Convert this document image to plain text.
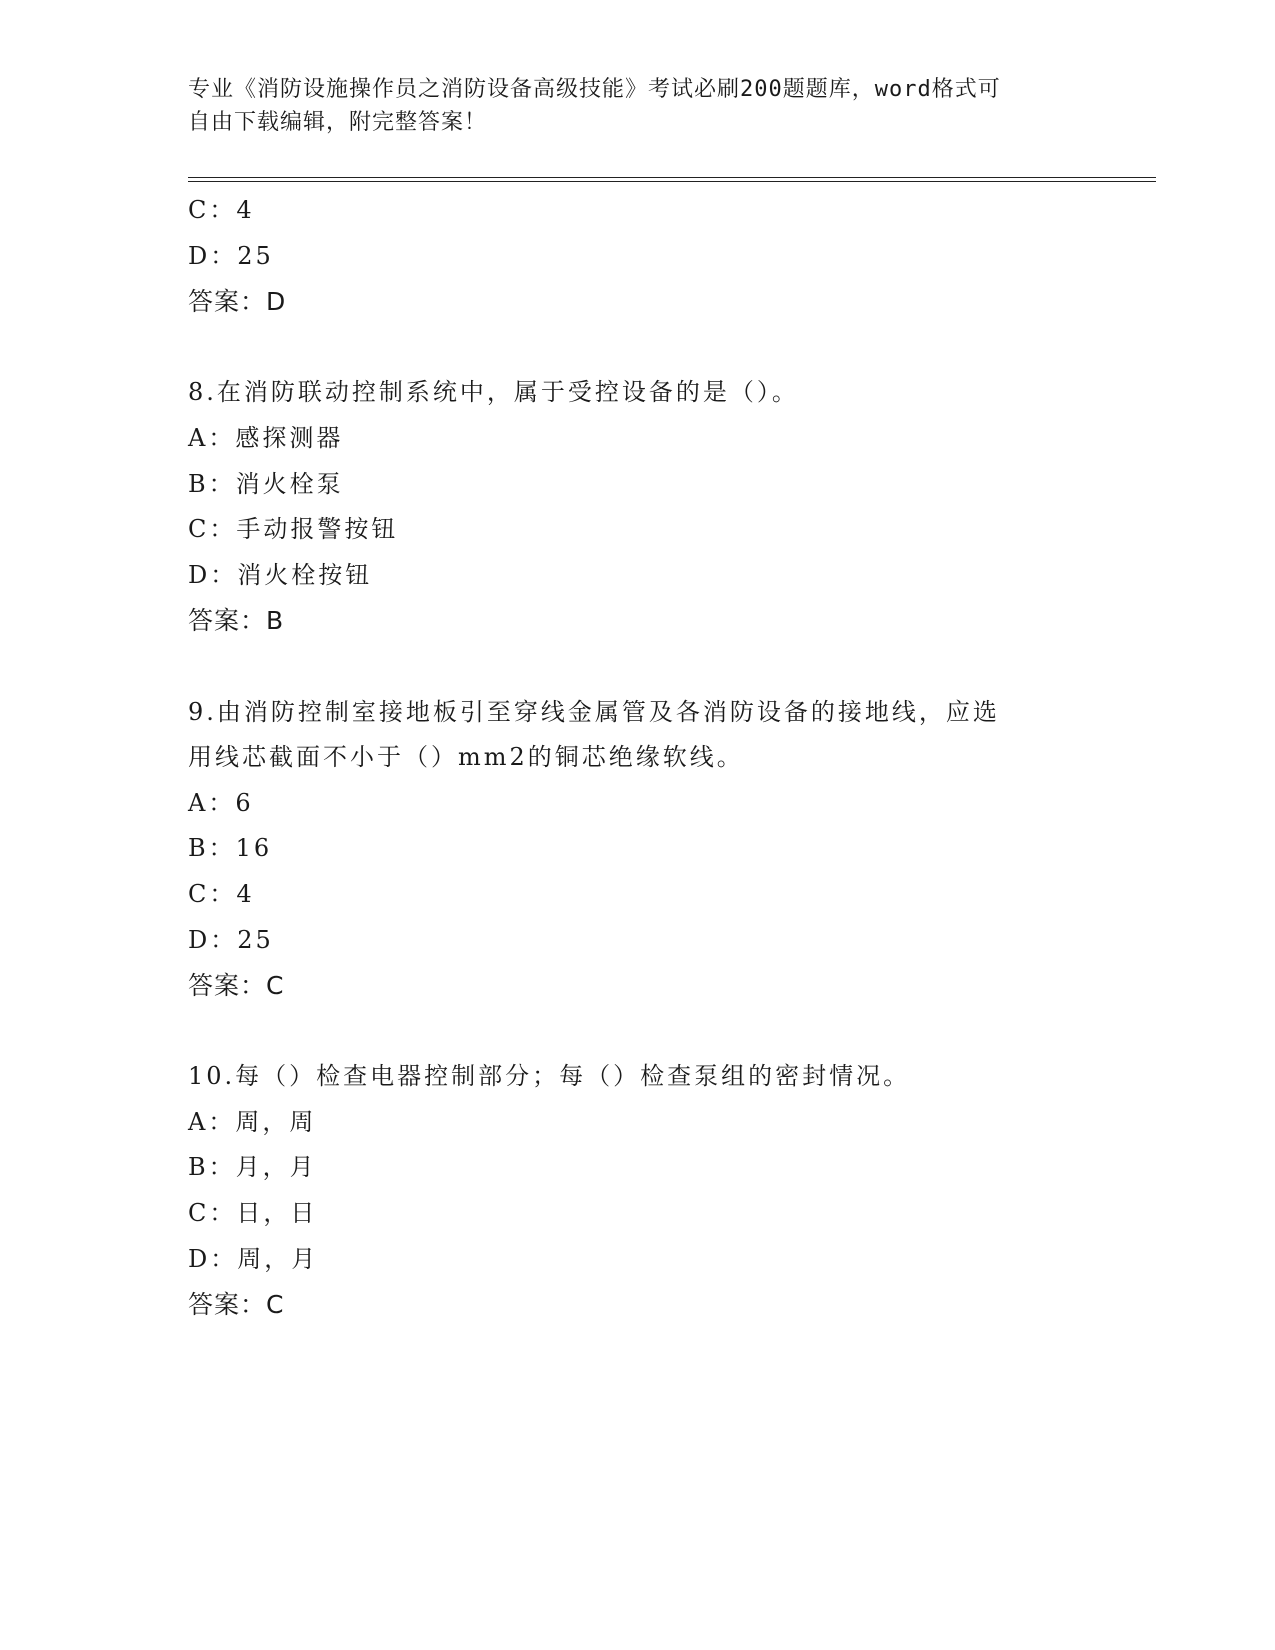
专业《消防设施操作员之消防设备高级技能》考试必刷200题题库，word格式可
自由下载编辑，附完整答案！
C：4
D：25
答案：D
8.在消防联动控制系统中，属于受控设备的是（）。
A：感探测器
B：消火栓泵
C：手动报警按钮
D：消火栓按钮
答案：B
9.由消防控制室接地板引至穿线金属管及各消防设备的接地线，应选
用线芯截面不小于（）mm2的铜芯绝缘软线。
A：6
B：16
C：4
D：25
答案：C
10.每（）检查电器控制部分；每（）检查泵组的密封情况。
A：周，周
B：月，月
C：日，日
D：周，月
答案：C
